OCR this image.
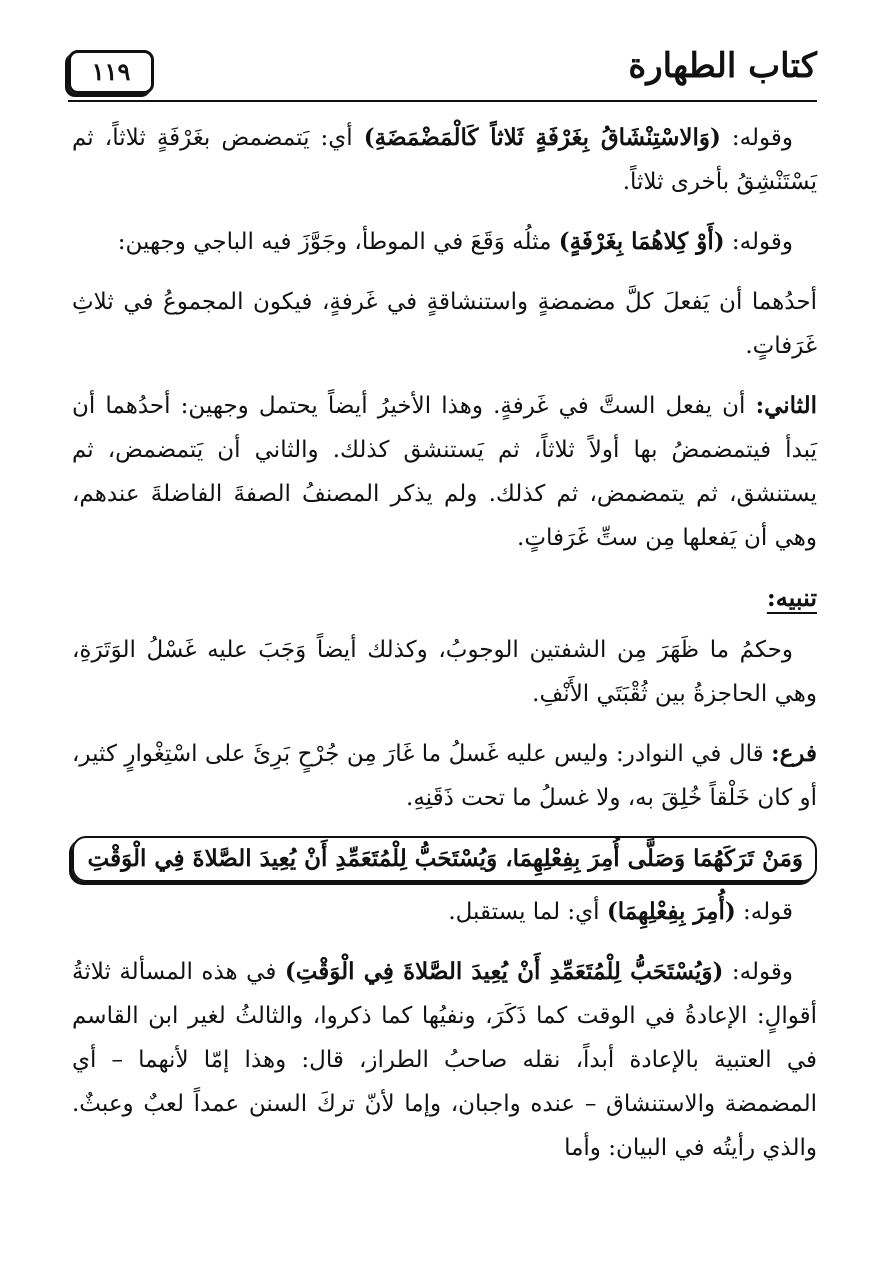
كتاب الطهارة
١١٩

وقوله: (وَالاسْتِنْشَاقُ بِغَرْفَةٍ ثَلاثاً كَالْمَضْمَضَةِ) أي: يَتمضمض بغَرْفَةٍ ثلاثاً، ثم يَسْتَنْشِقُ بأخرى ثلاثاً.

وقوله: (أَوْ كِلاهُمَا بِغَرْفَةٍ) مثلُه وَقَعَ في الموطأ، وجَوَّزَ فيه الباجي وجهين:

أحدُهما أن يَفعلَ كلَّ مضمضةٍ واستنشاقةٍ في غَرفةٍ، فيكون المجموعُ في ثلاثِ غَرَفاتٍ.

الثاني: أن يفعل الستَّ في غَرفةٍ. وهذا الأخيرُ أيضاً يحتمل وجهين: أحدُهما أن يَبدأ فيتمضمضُ بها أولاً ثلاثاً، ثم يَستنشق كذلك. والثاني أن يَتمضمض، ثم يستنشق، ثم يتمضمض، ثم كذلك. ولم يذكر المصنفُ الصفةَ الفاضلةَ عندهم، وهي أن يَفعلها مِن ستِّ غَرَفاتٍ.

تنبيه:

وحكمُ ما ظَهَرَ مِن الشفتين الوجوبُ، وكذلك أيضاً وَجَبَ عليه غَسْلُ الوَتَرَةِ، وهي الحاجزةُ بين ثُقْبَتَي الأَنْفِ.

فرع: قال في النوادر: وليس عليه غَسلُ ما غَارَ مِن جُرْحٍ بَرِئَ على اسْتِغْوارٍ كثير، أو كان خَلْقاً خُلِقَ به، ولا غسلُ ما تحت ذَقَنِهِ.

وَمَنْ تَرَكَهُمَا وَصَلَّى أُمِرَ بِفِعْلِهِمَا، وَيُسْتَحَبُّ لِلْمُتَعَمِّدِ أَنْ يُعِيدَ الصَّلاةَ فِي الْوَقْتِ

قوله: (أُمِرَ بِفِعْلِهِمَا) أي: لما يستقبل.

وقوله: (وَيُسْتَحَبُّ لِلْمُتَعَمِّدِ أَنْ يُعِيدَ الصَّلاةَ فِي الْوَقْتِ) في هذه المسألة ثلاثةُ أقوالٍ: الإعادةُ في الوقت كما ذَكَرَ، ونفيُها كما ذكروا، والثالثُ لغير ابن القاسم في العتبية بالإعادة أبداً، نقله صاحبُ الطراز، قال: وهذا إمّا لأنهما – أي المضمضة والاستنشاق – عنده واجبان، وإما لأنّ تركَ السنن عمداً لعبٌ وعبثٌ. والذي رأيتُه في البيان: وأما
